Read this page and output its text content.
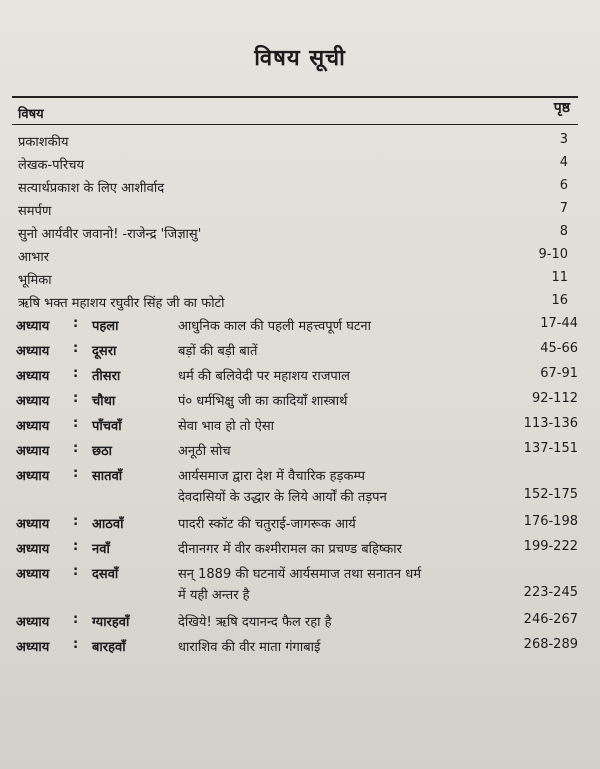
विषय सूची
विषय	पृष्ठ
प्रकाशकीय	3
लेखक-परिचय	4
सत्यार्थप्रकाश के लिए आशीर्वाद	6
समर्पण	7
सुनो आर्यवीर जवानो! -राजेन्द्र 'जिज्ञासु'	8
आभार	9-10
भूमिका	11
ऋषि भक्त महाशय रघुवीर सिंह जी का फोटो	16
अध्याय : पहला	आधुनिक काल की पहली महत्त्वपूर्ण घटना	17-44
अध्याय : दूसरा	बड़ों की बड़ी बातें	45-66
अध्याय : तीसरा	धर्म की बलिवेदी पर महाशय राजपाल	67-91
अध्याय : चौथा	पं० धर्मभिक्षु जी का कादियाँ शास्त्रार्थ	92-112
अध्याय : पाँचवाँ	सेवा भाव हो तो ऐसा	113-136
अध्याय : छठा	अनूठी सोच	137-151
अध्याय : सातवाँ	आर्यसमाज द्वारा देश में वैचारिक हड़कम्प
देवदासियों के उद्धार के लिये आर्यों की तड़पन	152-175
अध्याय : आठवाँ	पादरी स्कॉट की चतुराई-जागरूक आर्य	176-198
अध्याय : नवाँ	दीनानगर में वीर कश्मीरामल का प्रचण्ड बहिष्कार	199-222
अध्याय : दसवाँ	सन् 1889 की घटनायें आर्यसमाज तथा सनातन धर्म
में यही अन्तर है	223-245
अध्याय : ग्यारहवाँ	देखिये! ऋषि दयानन्द फैल रहा है	246-267
अध्याय : बारहवाँ	धाराशिव की वीर माता गंगाबाई	268-289
